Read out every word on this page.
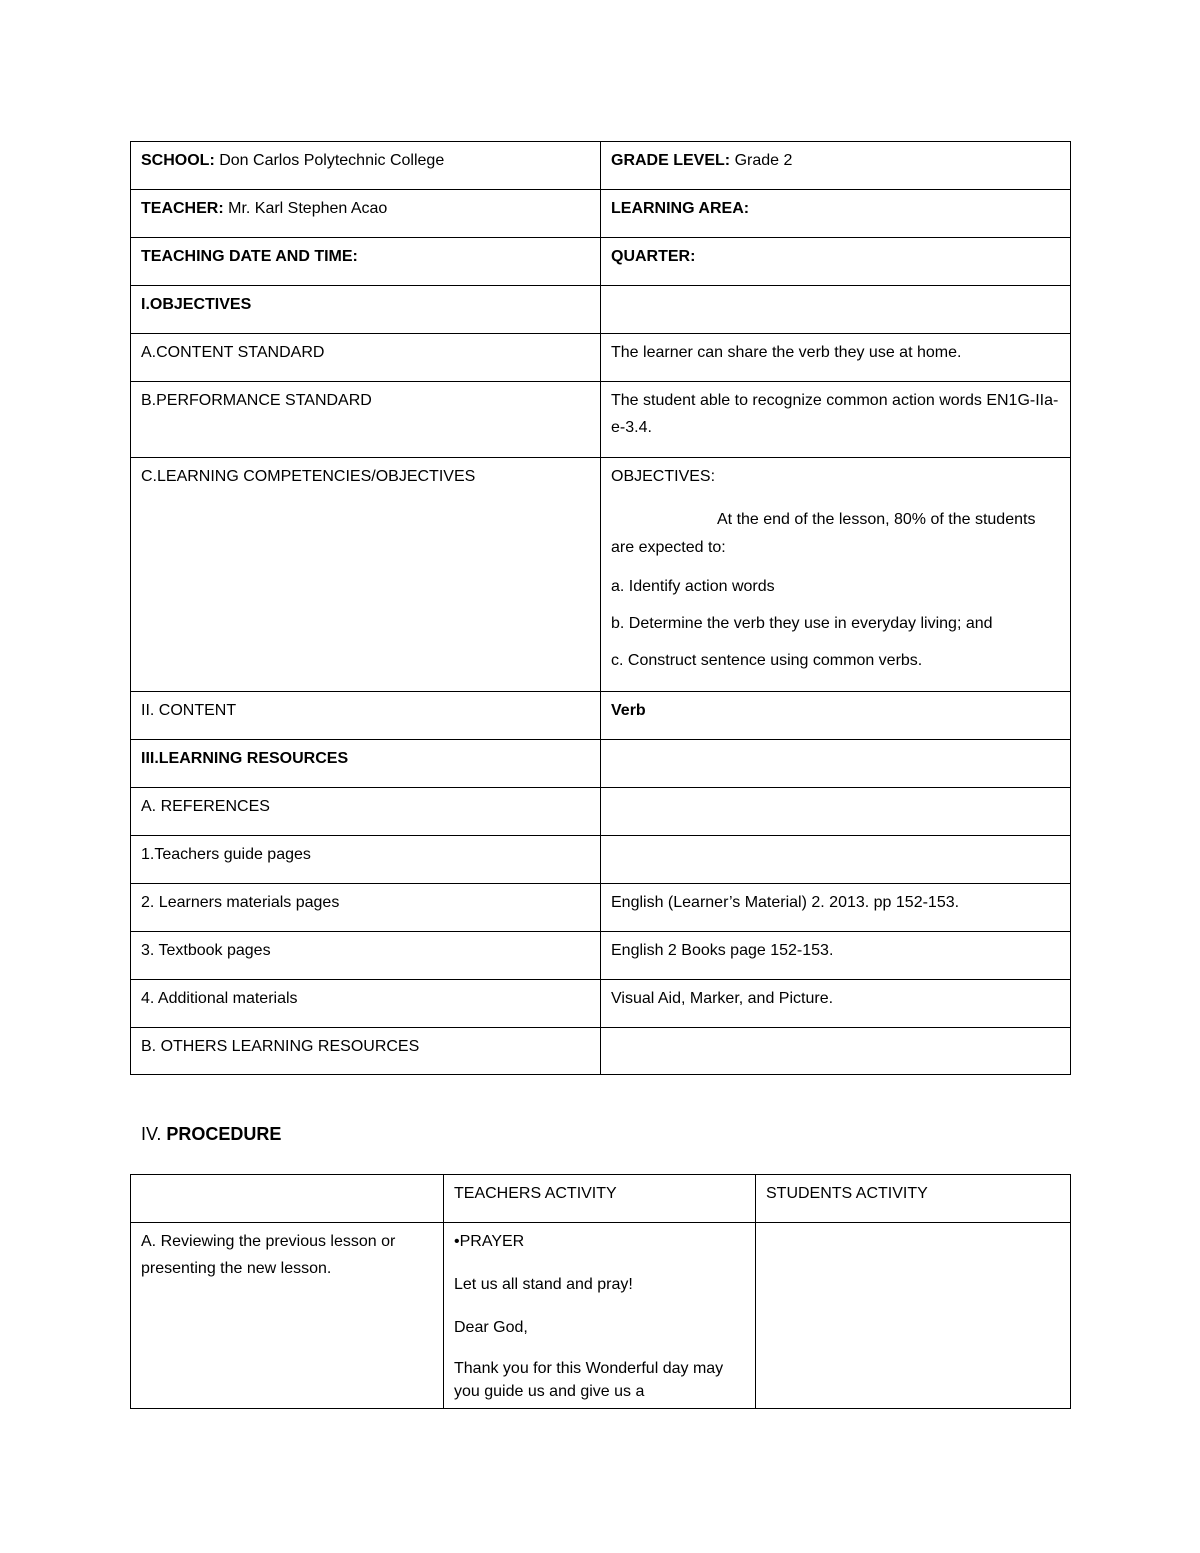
SCHOOL: Don Carlos Polytechnic College	GRADE LEVEL: Grade 2
TEACHER: Mr. Karl Stephen Acao	LEARNING AREA:
TEACHING DATE AND TIME:	QUARTER:
I.OBJECTIVES	
A.CONTENT STANDARD	The learner can share the verb they use at home.
B.PERFORMANCE STANDARD	The student able to recognize common action words EN1G-IIa-e-3.4.
C.LEARNING COMPETENCIES/OBJECTIVES	OBJECTIVES:

At the end of the lesson, 80% of the students are expected to:

a. Identify action words

b. Determine the verb they use in everyday living; and

c. Construct sentence using common verbs.

II. CONTENT	Verb
III.LEARNING RESOURCES	
A. REFERENCES	
1.Teachers guide pages	
2. Learners materials pages	English (Learner’s Material) 2. 2013. pp 152-153.
3. Textbook pages	English 2 Books page 152-153.
4. Additional materials	Visual Aid, Marker, and Picture.
B. OTHERS LEARNING RESOURCES	
IV. PROCEDURE
	TEACHERS ACTIVITY	STUDENTS ACTIVITY
A. Reviewing the previous lesson or presenting the new lesson.	•PRAYER

Let us all stand and pray!

Dear God,

Thank you for this Wonderful day may you guide us and give us a	
